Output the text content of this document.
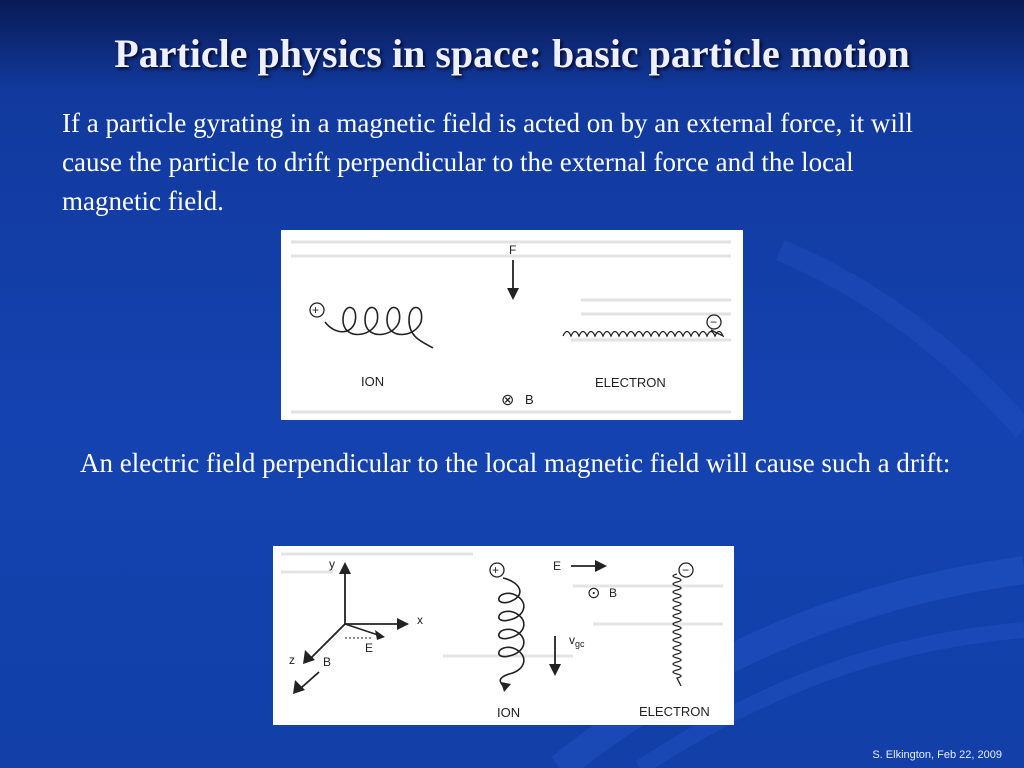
Particle physics in space: basic particle motion
If a particle gyrating in a magnetic field is acted on by an external force, it will cause the particle to drift perpendicular to the external force and the local magnetic field.
F
+
−
ION	ELECTRON
⊗ B
An electric field perpendicular to the local magnetic field will cause such a drift:
y
x
z
E
B
+
ION
E
⊙ B
$v_{gc}$
−
ELECTRON
S. Elkington, Feb 22, 2009
